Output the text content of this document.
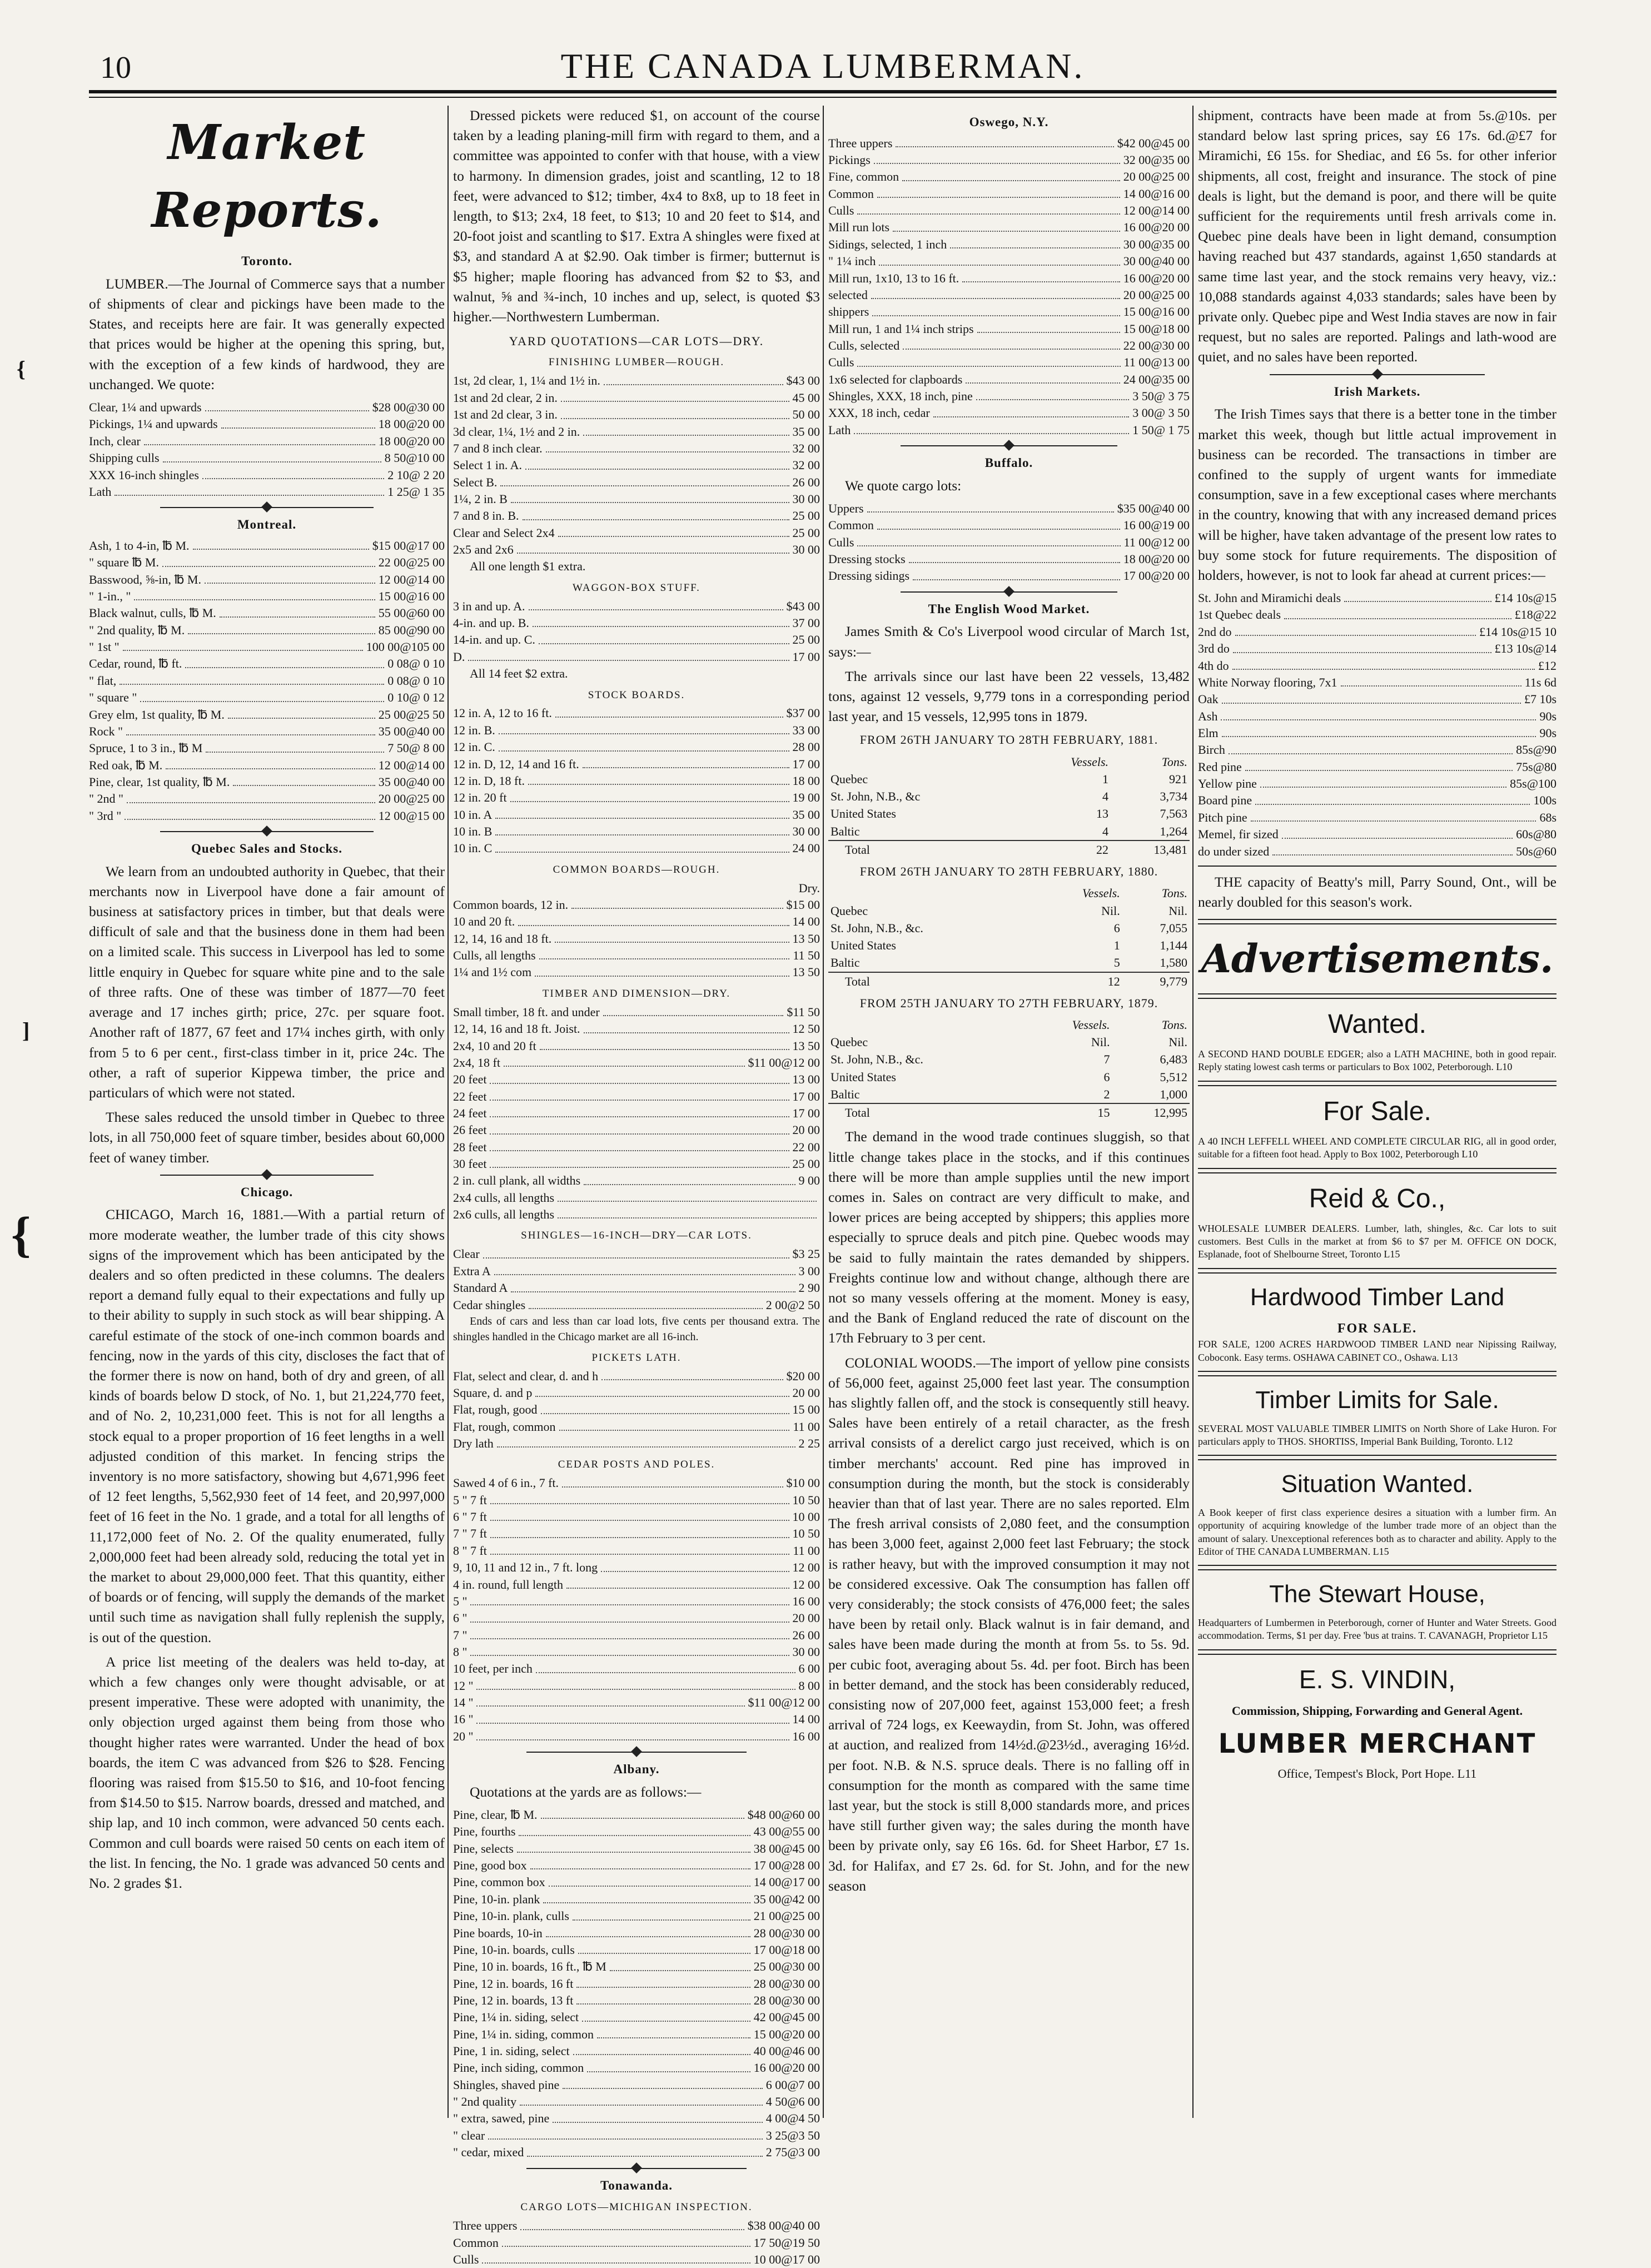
10	THE CANADA LUMBERMAN.
{
]
{
Market Reports.
Toronto.

LUMBER.—The Journal of Commerce says that a number of shipments of clear and pickings have been made to the States, and receipts here are fair. It was generally expected that prices would be higher at the opening this spring, but, with the exception of a few kinds of hardwood, they are unchanged. We quote:

Clear, 1¼ and upwards	$28 00@30 00
Pickings, 1¼ and upwards	18 00@20 00
Inch, clear	18 00@20 00
Shipping culls	8 50@10 00
XXX 16-inch shingles	2 10@ 2 20
Lath	1 25@ 1 35
Montreal.
Ash, 1 to 4-in, ℔ M.	$15 00@17 00
" square ℔ M.	22 00@25 00
Basswood, ⅝-in, ℔ M.	12 00@14 00
" 1-in., "	15 00@16 00
Black walnut, culls, ℔ M.	55 00@60 00
" 2nd quality, ℔ M.	85 00@90 00
" 1st "	100 00@105 00
Cedar, round, ℔ ft.	0 08@ 0 10
" flat,	0 08@ 0 10
" square "	0 10@ 0 12
Grey elm, 1st quality, ℔ M.	25 00@25 50
Rock "	35 00@40 00
Spruce, 1 to 3 in., ℔ M	7 50@ 8 00
Red oak, ℔ M.	12 00@14 00
Pine, clear, 1st quality, ℔ M.	35 00@40 00
" 2nd "	20 00@25 00
" 3rd "	12 00@15 00
Quebec Sales and Stocks.

We learn from an undoubted authority in Quebec, that their merchants now in Liverpool have done a fair amount of business at satisfactory prices in timber, but that deals were difficult of sale and that the business done in them had been on a limited scale. This success in Liverpool has led to some little enquiry in Quebec for square white pine and to the sale of three rafts. One of these was timber of 1877—70 feet average and 17 inches girth; price, 27c. per square foot. Another raft of 1877, 67 feet and 17¼ inches girth, with only from 5 to 6 per cent., first-class timber in it, price 24c. The other, a raft of superior Kippewa timber, the price and particulars of which were not stated.

These sales reduced the unsold timber in Quebec to three lots, in all 750,000 feet of square timber, besides about 60,000 feet of waney timber.

Chicago.

CHICAGO, March 16, 1881.—With a partial return of more moderate weather, the lumber trade of this city shows signs of the improvement which has been anticipated by the dealers and so often predicted in these columns. The dealers report a demand fully equal to their expectations and fully up to their ability to supply in such stock as will bear shipping. A careful estimate of the stock of one-inch common boards and fencing, now in the yards of this city, discloses the fact that of the former there is now on hand, both of dry and green, of all kinds of boards below D stock, of No. 1, but 21,224,770 feet, and of No. 2, 10,231,000 feet. This is not for all lengths a stock equal to a proper proportion of 16 feet lengths in a well adjusted condition of this market. In fencing strips the inventory is no more satisfactory, showing but 4,671,996 feet of 12 feet lengths, 5,562,930 feet of 14 feet, and 20,997,000 feet of 16 feet in the No. 1 grade, and a total for all lengths of 11,172,000 feet of No. 2. Of the quality enumerated, fully 2,000,000 feet had been already sold, reducing the total yet in the market to about 29,000,000 feet. That this quantity, either of boards or of fencing, will supply the demands of the market until such time as navigation shall fully replenish the supply, is out of the question.

A price list meeting of the dealers was held to-day, at which a few changes only were thought advisable, or at present imperative. These were adopted with unanimity, the only objection urged against them being from those who thought higher rates were warranted. Under the head of box boards, the item C was advanced from $26 to $28. Fencing flooring was raised from $15.50 to $16, and 10-foot fencing from $14.50 to $15. Narrow boards, dressed and matched, and ship lap, and 10 inch common, were advanced 50 cents each. Common and cull boards were raised 50 cents on each item of the list. In fencing, the No. 1 grade was advanced 50 cents and No. 2 grades $1.

Dressed pickets were reduced $1, on account of the course taken by a leading planing-mill firm with regard to them, and a committee was appointed to confer with that house, with a view to harmony. In dimension grades, joist and scantling, 12 to 18 feet, were advanced to $12; timber, 4x4 to 8x8, up to 18 feet in length, to $13; 2x4, 18 feet, to $13; 10 and 20 feet to $14, and 20-foot joist and scantling to $17. Extra A shingles were fixed at $3, and standard A at $2.90. Oak timber is firmer; butternut is $5 higher; maple flooring has advanced from $2 to $3, and walnut, ⅝ and ¾-inch, 10 inches and up, select, is quoted $3 higher.—Northwestern Lumberman.

YARD QUOTATIONS—CAR LOTS—DRY.
FINISHING LUMBER—ROUGH.
1st, 2d clear, 1, 1¼ and 1½ in.	$43 00
1st and 2d clear, 2 in.	45 00
1st and 2d clear, 3 in.	50 00
3d clear, 1¼, 1½ and 2 in.	35 00
7 and 8 inch clear.	32 00
Select 1 in. A.	32 00
Select B.	26 00
1¼, 2 in. B	30 00
7 and 8 in. B.	25 00
Clear and Select 2x4	25 00
2x5 and 2x6	30 00
All one length $1 extra.
WAGGON-BOX STUFF.
3 in and up. A.	$43 00
4-in. and up. B.	37 00
14-in. and up. C.	25 00
D.	17 00
All 14 feet $2 extra.
STOCK BOARDS.
12 in. A, 12 to 16 ft.	$37 00
12 in. B.	33 00
12 in. C.	28 00
12 in. D, 12, 14 and 16 ft.	17 00
12 in. D, 18 ft.	18 00
12 in. 20 ft	19 00
10 in. A	35 00
10 in. B	30 00
10 in. C	24 00
COMMON BOARDS—ROUGH.
Dry.
Common boards, 12 in.	$15 00
10 and 20 ft.	14 00
12, 14, 16 and 18 ft.	13 50
Culls, all lengths	11 50
1¼ and 1½ com	13 50
TIMBER AND DIMENSION—DRY.
Small timber, 18 ft. and under	$11 50
12, 14, 16 and 18 ft. Joist.	12 50
2x4, 10 and 20 ft	13 50
2x4, 18 ft	$11 00@12 00
20 feet	13 00
22 feet	17 00
24 feet	17 00
26 feet	20 00
28 feet	22 00
30 feet	25 00
2 in. cull plank, all widths	9 00
2x4 culls, all lengths
2x6 culls, all lengths
SHINGLES—16-INCH—DRY—CAR LOTS.
Clear	$3 25
Extra A	3 00
Standard A	2 90
Cedar shingles	2 00@2 50

Ends of cars and less than car load lots, five cents per thousand extra. The shingles handled in the Chicago market are all 16-inch.

PICKETS LATH.
Flat, select and clear, d. and h	$20 00
Square, d. and p	20 00
Flat, rough, good	15 00
Flat, rough, common	11 00
Dry lath	2 25
CEDAR POSTS AND POLES.
Sawed 4 of 6 in., 7 ft.	$10 00
5 " 7 ft	10 50
6 " 7 ft	10 00
7 " 7 ft	10 50
8 " 7 ft	11 00
9, 10, 11 and 12 in., 7 ft. long	12 00
4 in. round, full length	12 00
5 "	16 00
6 "	20 00
7 "	26 00
8 "	30 00
10 feet, per inch	6 00
12 "	8 00
14 "	$11 00@12 00
16 "	14 00
20 "	16 00
Albany.

Quotations at the yards are as follows:—

Pine, clear, ℔ M.	$48 00@60 00
Pine, fourths	43 00@55 00
Pine, selects	38 00@45 00
Pine, good box	17 00@28 00
Pine, common box	14 00@17 00
Pine, 10-in. plank	35 00@42 00
Pine, 10-in. plank, culls	21 00@25 00
Pine boards, 10-in	28 00@30 00
Pine, 10-in. boards, culls	17 00@18 00
Pine, 10 in. boards, 16 ft., ℔ M	25 00@30 00
Pine, 12 in. boards, 16 ft	28 00@30 00
Pine, 12 in. boards, 13 ft	28 00@30 00
Pine, 1¼ in. siding, select	42 00@45 00
Pine, 1¼ in. siding, common	15 00@20 00
Pine, 1 in. siding, select	40 00@46 00
Pine, inch siding, common	16 00@20 00
Shingles, shaved pine	6 00@7 00
" 2nd quality	4 50@6 00
" extra, sawed, pine	4 00@4 50
" clear	3 25@3 50
" cedar, mixed	2 75@3 00
Tonawanda.
CARGO LOTS—MICHIGAN INSPECTION.
Three uppers	$38 00@40 00
Common	17 50@19 50
Culls	10 00@17 00
Oswego, N.Y.
Three uppers	$42 00@45 00
Pickings	32 00@35 00
Fine, common	20 00@25 00
Common	14 00@16 00
Culls	12 00@14 00
Mill run lots	16 00@20 00
Sidings, selected, 1 inch	30 00@35 00
" 1¼ inch	30 00@40 00
Mill run, 1x10, 13 to 16 ft.	16 00@20 00
selected	20 00@25 00
shippers	15 00@16 00
Mill run, 1 and 1¼ inch strips	15 00@18 00
Culls, selected	22 00@30 00
Culls	11 00@13 00
1x6 selected for clapboards	24 00@35 00
Shingles, XXX, 18 inch, pine	3 50@ 3 75
XXX, 18 inch, cedar	3 00@ 3 50
Lath	1 50@ 1 75
Buffalo.

We quote cargo lots:

Uppers	$35 00@40 00
Common	16 00@19 00
Culls	11 00@12 00
Dressing stocks	18 00@20 00
Dressing sidings	17 00@20 00
The English Wood Market.

James Smith & Co's Liverpool wood circular of March 1st, says:—

The arrivals since our last have been 22 vessels, 13,482 tons, against 12 vessels, 9,779 tons in a corresponding period last year, and 15 vessels, 12,995 tons in 1879.

FROM 26TH JANUARY TO 28TH FEBRUARY, 1881.
	Vessels.	Tons.
Quebec	1	921
St. John, N.B., &c	4	3,734
United States	13	7,563
Baltic	4	1,264
Total	22	13,481
FROM 26TH JANUARY TO 28TH FEBRUARY, 1880.
	Vessels.	Tons.
Quebec	Nil.	Nil.
St. John, N.B., &c.	6	7,055
United States	1	1,144
Baltic	5	1,580
Total	12	9,779
FROM 25TH JANUARY TO 27TH FEBRUARY, 1879.
	Vessels.	Tons.
Quebec	Nil.	Nil.
St. John, N.B., &c.	7	6,483
United States	6	5,512
Baltic	2	1,000
Total	15	12,995

The demand in the wood trade continues sluggish, so that little change takes place in the stocks, and if this continues there will be more than ample supplies until the new import comes in. Sales on contract are very difficult to make, and lower prices are being accepted by shippers; this applies more especially to spruce deals and pitch pine. Quebec woods may be said to fully maintain the rates demanded by shippers. Freights continue low and without change, although there are not so many vessels offering at the moment. Money is easy, and the Bank of England reduced the rate of discount on the 17th February to 3 per cent.

COLONIAL WOODS.—The import of yellow pine consists of 56,000 feet, against 25,000 feet last year. The consumption has slightly fallen off, and the stock is consequently still heavy. Sales have been entirely of a retail character, as the fresh arrival consists of a derelict cargo just received, which is on timber merchants' account. Red pine has improved in consumption during the month, but the stock is considerably heavier than that of last year. There are no sales reported. Elm The fresh arrival consists of 2,080 feet, and the consumption has been 3,000 feet, against 2,000 feet last February; the stock is rather heavy, but with the improved consumption it may not be considered excessive. Oak The consumption has fallen off very considerably; the stock consists of 476,000 feet; the sales have been by retail only. Black walnut is in fair demand, and sales have been made during the month at from 5s. to 5s. 9d. per cubic foot, averaging about 5s. 4d. per foot. Birch has been in better demand, and the stock has been considerably reduced, consisting now of 207,000 feet, against 153,000 feet; a fresh arrival of 724 logs, ex Keewaydin, from St. John, was offered at auction, and realized from 14½d.@23½d., averaging 16½d. per foot. N.B. & N.S. spruce deals. There is no falling off in consumption for the month as compared with the same time last year, but the stock is still 8,000 standards more, and prices have still further given way; the sales during the month have been by private only, say £6 16s. 6d. for Sheet Harbor, £7 1s. 3d. for Halifax, and £7 2s. 6d. for St. John, and for the new season

shipment, contracts have been made at from 5s.@10s. per standard below last spring prices, say £6 17s. 6d.@£7 for Miramichi, £6 15s. for Shediac, and £6 5s. for other inferior shipments, all cost, freight and insurance. The stock of pine deals is light, but the demand is poor, and there will be quite sufficient for the requirements until fresh arrivals come in. Quebec pine deals have been in light demand, consumption having reached but 437 standards, against 1,650 standards at same time last year, and the stock remains very heavy, viz.: 10,088 standards against 4,033 standards; sales have been by private only. Quebec pipe and West India staves are now in fair request, but no sales are reported. Palings and lath-wood are quiet, and no sales have been reported.

Irish Markets.

The Irish Times says that there is a better tone in the timber market this week, though but little actual improvement in business can be recorded. The transactions in timber are confined to the supply of urgent wants for immediate consumption, save in a few exceptional cases where merchants in the country, knowing that with any increased demand prices will be higher, have taken advantage of the present low rates to buy some stock for future requirements. The disposition of holders, however, is not to look far ahead at current prices:—

St. John and Miramichi deals	£14 10s@15
1st Quebec deals	£18@22
2nd do	£14 10s@15 10
3rd do	£13 10s@14
4th do	£12
White Norway flooring, 7x1	11s 6d
Oak	£7 10s
Ash	90s
Elm	90s
Birch	85s@90
Red pine	75s@80
Yellow pine	85s@100
Board pine	100s
Pitch pine	68s
Memel, fir sized	60s@80
do under sized	50s@60

THE capacity of Beatty's mill, Parry Sound, Ont., will be nearly doubled for this season's work.

Advertisements.
Wanted.
A SECOND HAND DOUBLE EDGER; also a LATH MACHINE, both in good repair. Reply stating lowest cash terms or particulars to Box 1002, Peterborough. L10
For Sale.
A 40 INCH LEFFELL WHEEL AND COMPLETE CIRCULAR RIG, all in good order, suitable for a fifteen foot head. Apply to Box 1002, Peterborough L10
Reid & Co.,
WHOLESALE LUMBER DEALERS. Lumber, lath, shingles, &c. Car lots to suit customers. Best Culls in the market at from $6 to $7 per M. OFFICE ON DOCK, Esplanade, foot of Shelbourne Street, Toronto L15
Hardwood Timber Land
FOR SALE.
FOR SALE, 1200 ACRES HARDWOOD TIMBER LAND near Nipissing Railway, Coboconk. Easy terms. OSHAWA CABINET CO., Oshawa. L13
Timber Limits for Sale.
SEVERAL MOST VALUABLE TIMBER LIMITS on North Shore of Lake Huron. For particulars apply to THOS. SHORTISS, Imperial Bank Building, Toronto. L12
Situation Wanted.
A Book keeper of first class experience desires a situation with a lumber firm. An opportunity of acquiring knowledge of the lumber trade more of an object than the amount of salary. Unexceptional references both as to character and ability. Apply to the Editor of THE CANADA LUMBERMAN. L15
The Stewart House,
Headquarters of Lumbermen in Peterborough, corner of Hunter and Water Streets. Good accommodation. Terms, $1 per day. Free 'bus at trains. T. CAVANAGH, Proprietor L15
E. S. VINDIN,
Commission, Shipping, Forwarding and General Agent.
LUMBER MERCHANT
Office, Tempest's Block, Port Hope. L11
